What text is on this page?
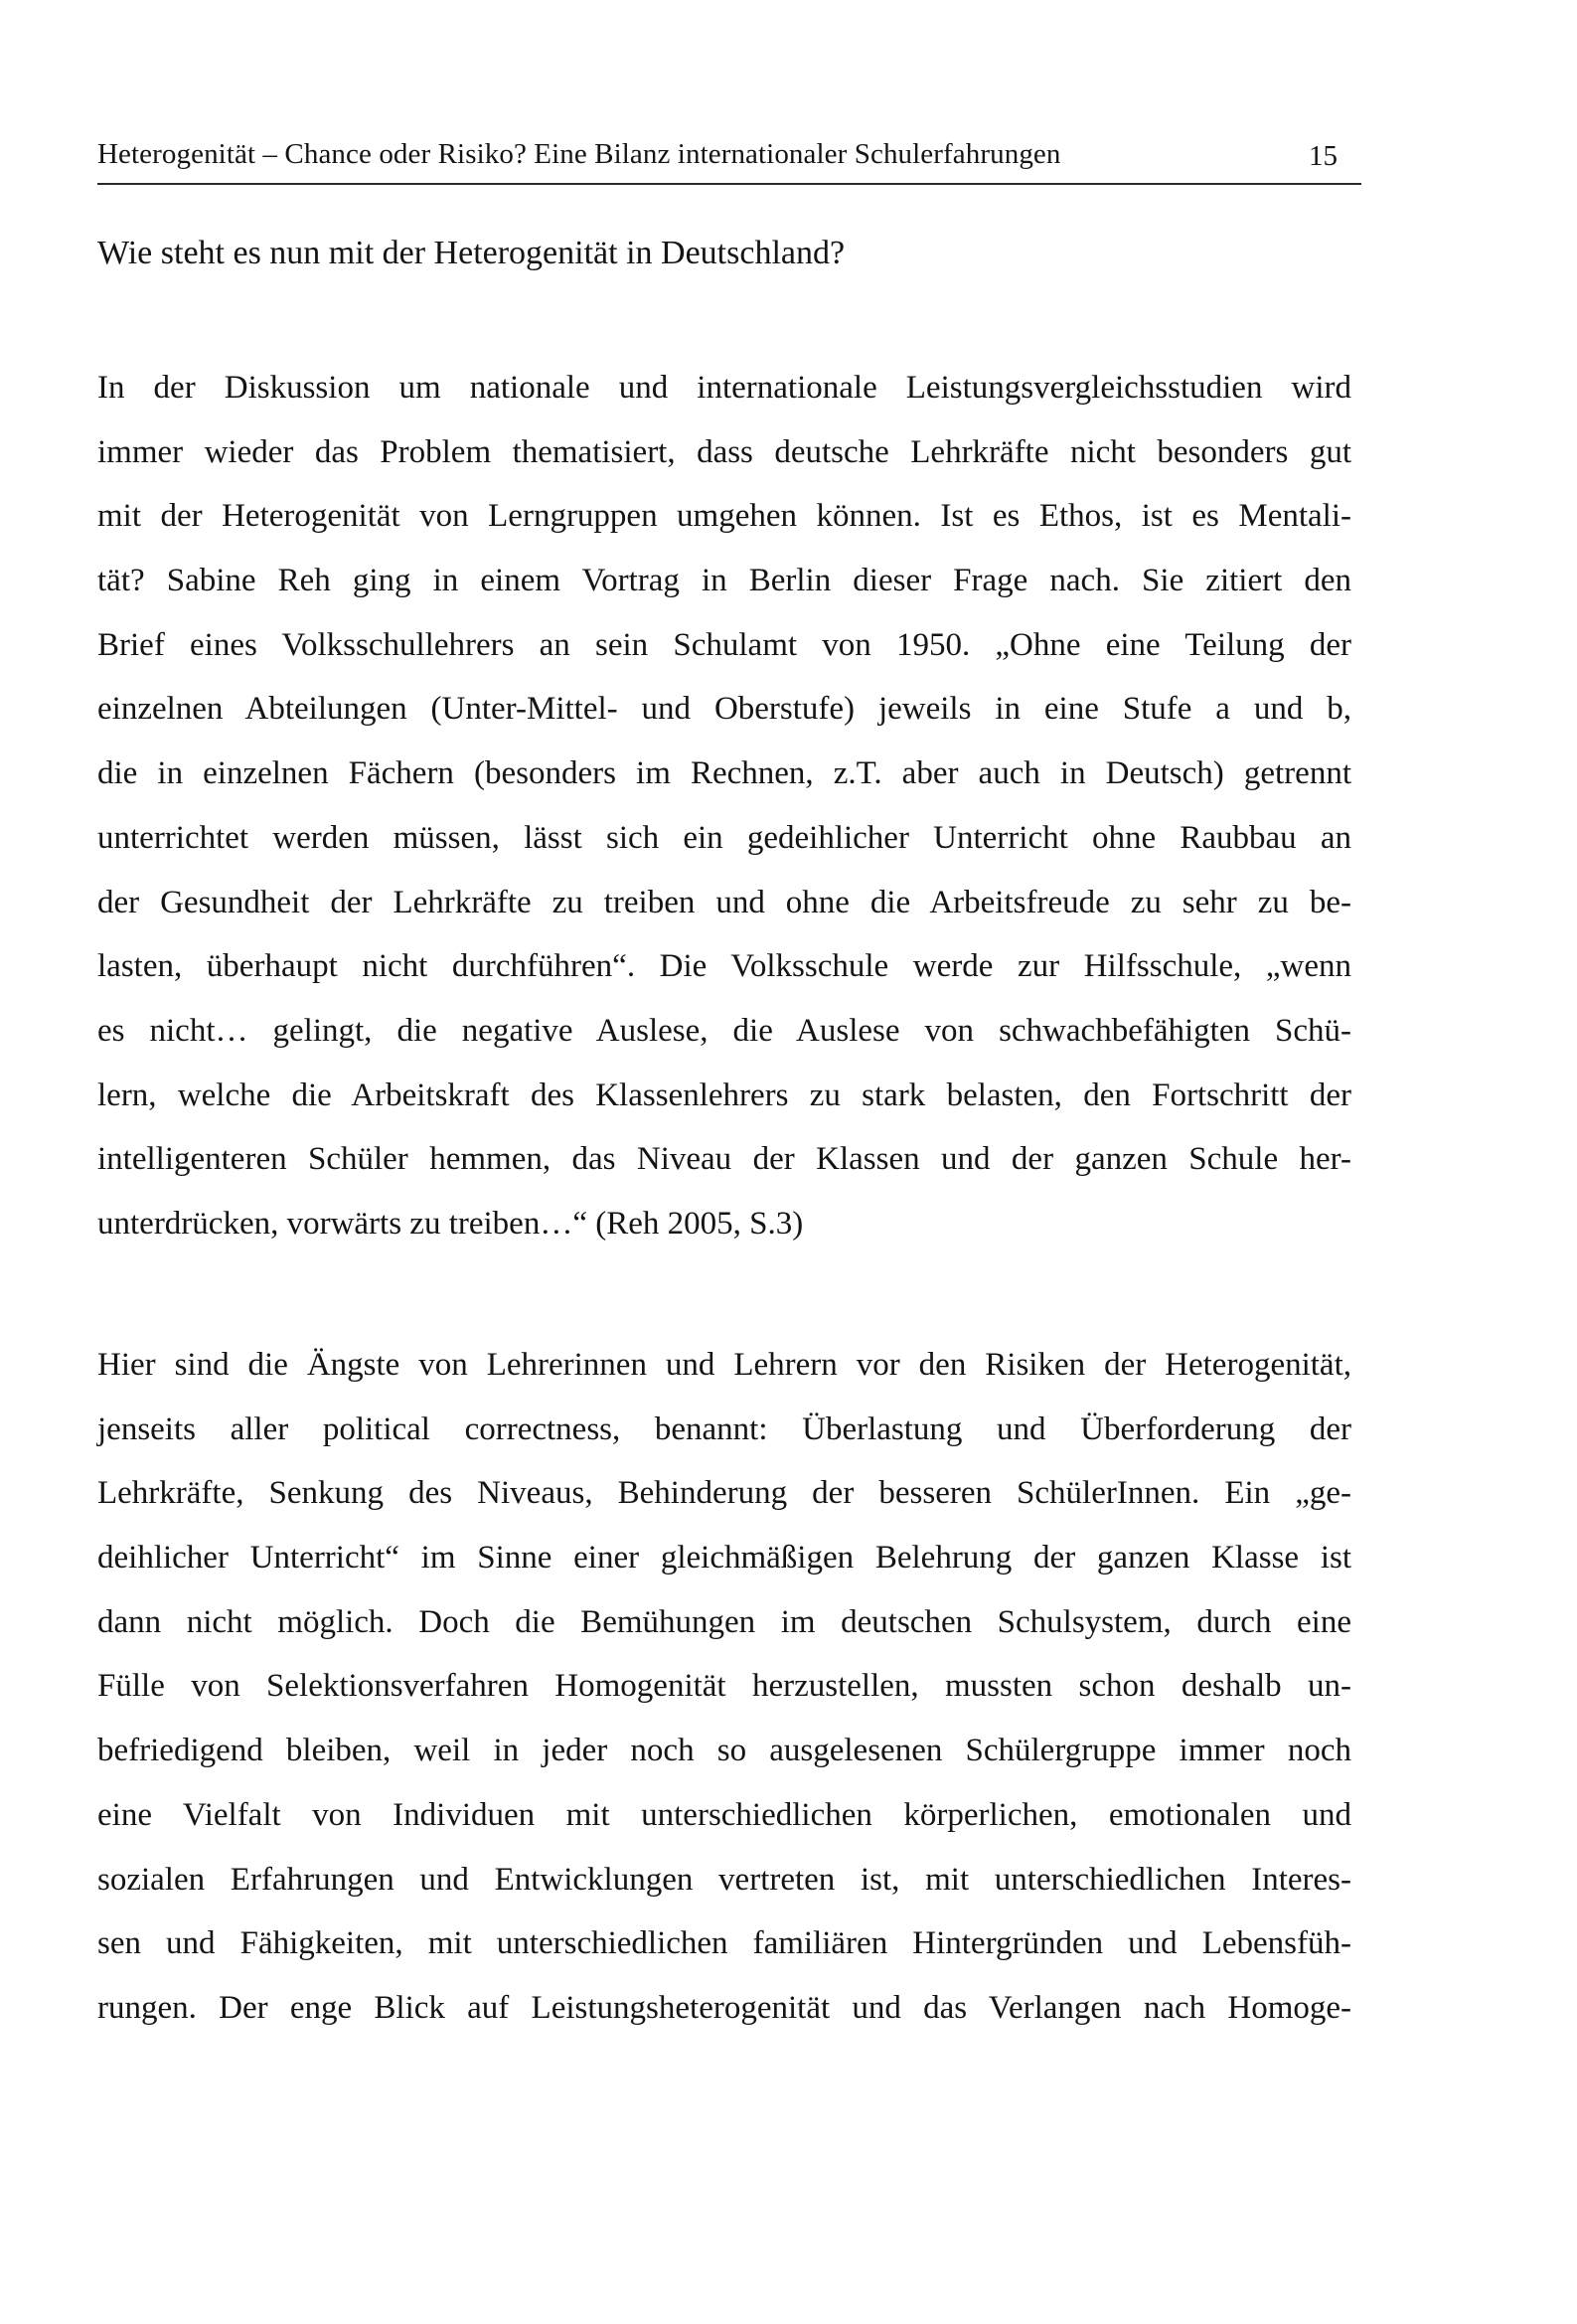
Heterogenität – Chance oder Risiko? Eine Bilanz internationaler Schulerfahrungen	15
Wie steht es nun mit der Heterogenität in Deutschland?
In der Diskussion um nationale und internationale Leistungsvergleichsstudien wird
immer wieder das Problem thematisiert, dass deutsche Lehrkräfte nicht besonders gut
mit der Heterogenität von Lerngruppen umgehen können. Ist es Ethos, ist es Mentali-
tät? Sabine Reh ging in einem Vortrag in Berlin dieser Frage nach. Sie zitiert den
Brief eines Volksschullehrers an sein Schulamt von 1950. „Ohne eine Teilung der
einzelnen Abteilungen (Unter-Mittel- und Oberstufe) jeweils in eine Stufe a und b,
die in einzelnen Fächern (besonders im Rechnen, z.T. aber auch in Deutsch) getrennt
unterrichtet werden müssen, lässt sich ein gedeihlicher Unterricht ohne Raubbau an
der Gesundheit der Lehrkräfte zu treiben und ohne die Arbeitsfreude zu sehr zu be-
lasten, überhaupt nicht durchführen“. Die Volksschule werde zur Hilfsschule, „wenn
es nicht… gelingt, die negative Auslese, die Auslese von schwachbefähigten Schü-
lern, welche die Arbeitskraft des Klassenlehrers zu stark belasten, den Fortschritt der
intelligenteren Schüler hemmen, das Niveau der Klassen und der ganzen Schule her-
unterdrücken, vorwärts zu treiben…“ (Reh 2005, S.3)
Hier sind die Ängste von Lehrerinnen und Lehrern vor den Risiken der Heterogenität,
jenseits aller political correctness, benannt: Überlastung und Überforderung der
Lehrkräfte, Senkung des Niveaus, Behinderung der besseren SchülerInnen. Ein „ge-
deihlicher Unterricht“ im Sinne einer gleichmäßigen Belehrung der ganzen Klasse ist
dann nicht möglich. Doch die Bemühungen im deutschen Schulsystem, durch eine
Fülle von Selektionsverfahren Homogenität herzustellen, mussten schon deshalb un-
befriedigend bleiben, weil in jeder noch so ausgelesenen Schülergruppe immer noch
eine Vielfalt von Individuen mit unterschiedlichen körperlichen, emotionalen und
sozialen Erfahrungen und Entwicklungen vertreten ist, mit unterschiedlichen Interes-
sen und Fähigkeiten, mit unterschiedlichen familiären Hintergründen und Lebensfüh-
rungen. Der enge Blick auf Leistungsheterogenität und das Verlangen nach Homoge-
